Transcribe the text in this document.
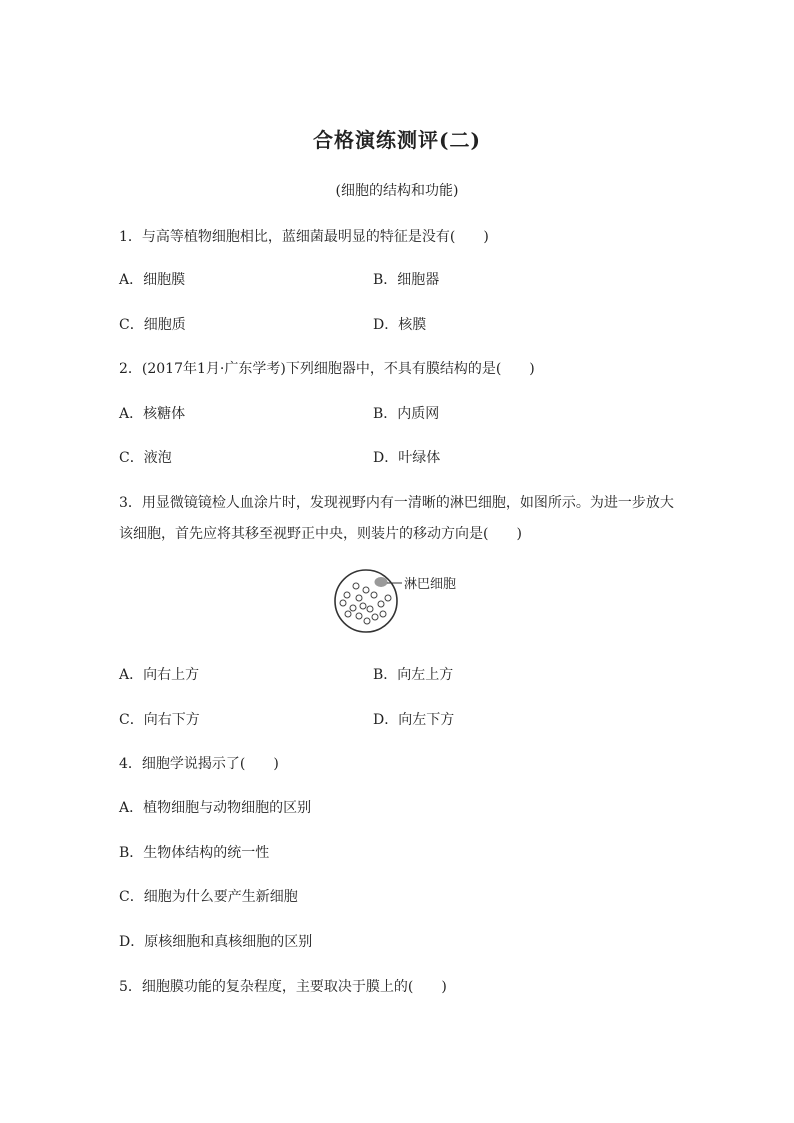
合格演练测评(二)
(细胞的结构和功能)
1．与高等植物细胞相比，蓝细菌最明显的特征是没有(　　)
A．细胞膜	B．细胞器
C．细胞质	D．核膜
2．(2017年1月·广东学考)下列细胞器中，不具有膜结构的是(　　)
A．核糖体	B．内质网
C．液泡	D．叶绿体
3．用显微镜镜检人血涂片时，发现视野内有一清晰的淋巴细胞，如图所示。为进一步放大
该细胞，首先应将其移至视野正中央，则装片的移动方向是(　　)
淋巴细胞
A．向右上方	B．向左上方
C．向右下方	D．向左下方
4．细胞学说揭示了(　　)
A．植物细胞与动物细胞的区别
B．生物体结构的统一性
C．细胞为什么要产生新细胞
D．原核细胞和真核细胞的区别
5．细胞膜功能的复杂程度，主要取决于膜上的(　　)
